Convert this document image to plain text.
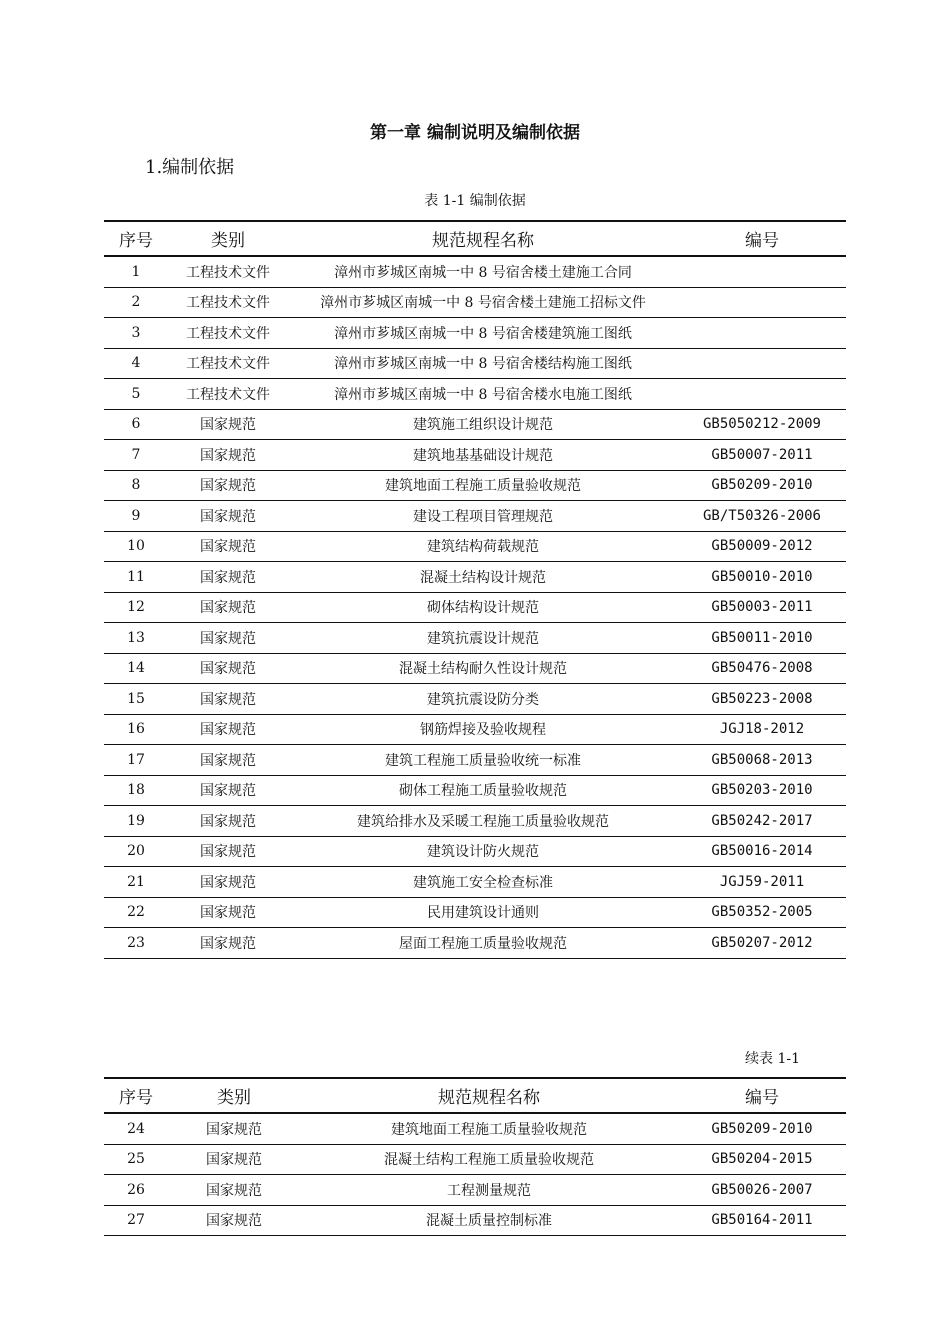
第一章 编制说明及编制依据
1.编制依据
表 1-1 编制依据
序号	类别	规范规程名称	编号
1	工程技术文件	漳州市芗城区南城一中 8 号宿舍楼土建施工合同	
2	工程技术文件	漳州市芗城区南城一中 8 号宿舍楼土建施工招标文件	
3	工程技术文件	漳州市芗城区南城一中 8 号宿舍楼建筑施工图纸	
4	工程技术文件	漳州市芗城区南城一中 8 号宿舍楼结构施工图纸	
5	工程技术文件	漳州市芗城区南城一中 8 号宿舍楼水电施工图纸	
6	国家规范	建筑施工组织设计规范	GB5050212-2009
7	国家规范	建筑地基基础设计规范	GB50007-2011
8	国家规范	建筑地面工程施工质量验收规范	GB50209-2010
9	国家规范	建设工程项目管理规范	GB/T50326-2006
10	国家规范	建筑结构荷载规范	GB50009-2012
11	国家规范	混凝土结构设计规范	GB50010-2010
12	国家规范	砌体结构设计规范	GB50003-2011
13	国家规范	建筑抗震设计规范	GB50011-2010
14	国家规范	混凝土结构耐久性设计规范	GB50476-2008
15	国家规范	建筑抗震设防分类	GB50223-2008
16	国家规范	钢筋焊接及验收规程	JGJ18-2012
17	国家规范	建筑工程施工质量验收统一标准	GB50068-2013
18	国家规范	砌体工程施工质量验收规范	GB50203-2010
19	国家规范	建筑给排水及采暖工程施工质量验收规范	GB50242-2017
20	国家规范	建筑设计防火规范	GB50016-2014
21	国家规范	建筑施工安全检查标准	JGJ59-2011
22	国家规范	民用建筑设计通则	GB50352-2005
23	国家规范	屋面工程施工质量验收规范	GB50207-2012
续表 1-1
序号	类别	规范规程名称	编号
24	国家规范	建筑地面工程施工质量验收规范	GB50209-2010
25	国家规范	混凝土结构工程施工质量验收规范	GB50204-2015
26	国家规范	工程测量规范	GB50026-2007
27	国家规范	混凝土质量控制标准	GB50164-2011
